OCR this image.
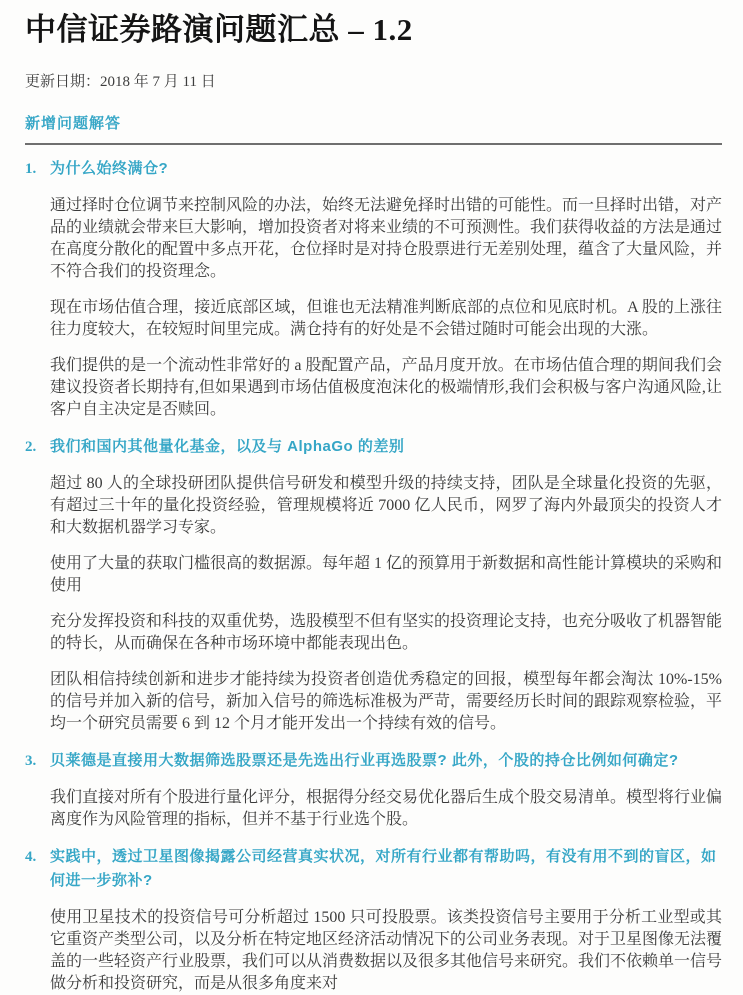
中信证券路演问题汇总 – 1.2
更新日期：2018 年 7 月 11 日
新增问题解答
1. 为什么始终满仓?

通过择时仓位调节来控制风险的办法，始终无法避免择时出错的可能性。而一旦择时出错，对产品的业绩就会带来巨大影响，增加投资者对将来业绩的不可预测性。我们获得收益的方法是通过在高度分散化的配置中多点开花，仓位择时是对持仓股票进行无差别处理，蕴含了大量风险，并不符合我们的投资理念。

现在市场估值合理，接近底部区域，但谁也无法精准判断底部的点位和见底时机。A 股的上涨往往力度较大，在较短时间里完成。满仓持有的好处是不会错过随时可能会出现的大涨。

我们提供的是一个流动性非常好的 a 股配置产品，产品月度开放。在市场估值合理的期间我们会建议投资者长期持有,但如果遇到市场估值极度泡沫化的极端情形,我们会积极与客户沟通风险,让客户自主决定是否赎回。

2. 我们和国内其他量化基金，以及与 AlphaGo 的差别

超过 80 人的全球投研团队提供信号研发和模型升级的持续支持，团队是全球量化投资的先驱，有超过三十年的量化投资经验，管理规模将近 7000 亿人民币，网罗了海内外最顶尖的投资人才和大数据机器学习专家。

使用了大量的获取门槛很高的数据源。每年超 1 亿的预算用于新数据和高性能计算模块的采购和使用

充分发挥投资和科技的双重优势，选股模型不但有坚实的投资理论支持，也充分吸收了机器智能的特长，从而确保在各种市场环境中都能表现出色。

团队相信持续创新和进步才能持续为投资者创造优秀稳定的回报，模型每年都会淘汰 10%-15%的信号并加入新的信号，新加入信号的筛选标准极为严苛，需要经历长时间的跟踪观察检验，平均一个研究员需要 6 到 12 个月才能开发出一个持续有效的信号。

3. 贝莱德是直接用大数据筛选股票还是先选出行业再选股票? 此外，个股的持仓比例如何确定?

我们直接对所有个股进行量化评分，根据得分经交易优化器后生成个股交易清单。模型将行业偏离度作为风险管理的指标，但并不基于行业选个股。

4. 实践中，透过卫星图像揭露公司经营真实状况，对所有行业都有帮助吗，有没有用不到的盲区，如何进一步弥补?

使用卫星技术的投资信号可分析超过 1500 只可投股票。该类投资信号主要用于分析工业型或其它重资产类型公司，以及分析在特定地区经济活动情况下的公司业务表现。对于卫星图像无法覆盖的一些轻资产行业股票，我们可以从消费数据以及很多其他信号来研究。我们不依赖单一信号做分析和投资研究，而是从很多角度来对
